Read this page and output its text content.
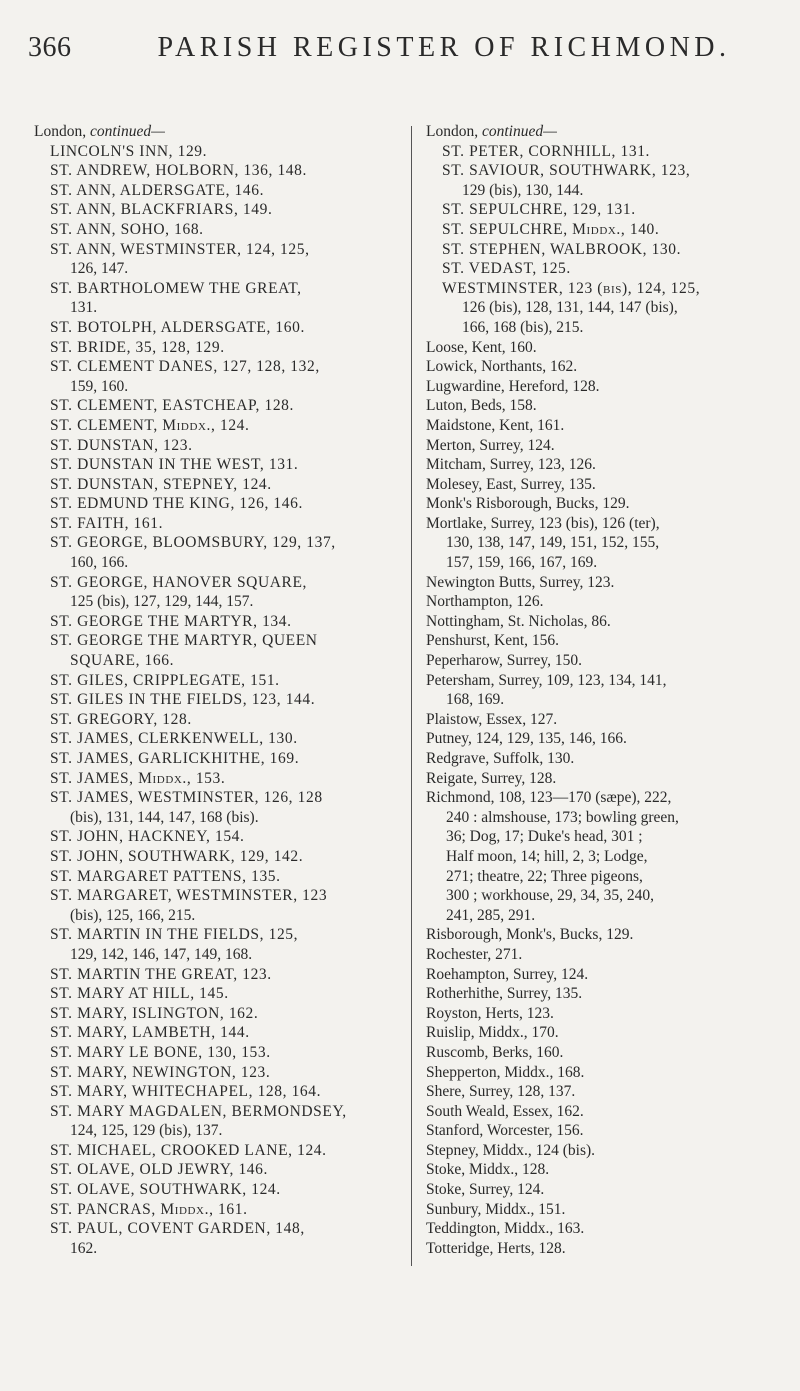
366	PARISH REGISTER OF RICHMOND.
London, continued—
LINCOLN'S INN, 129.
ST. ANDREW, HOLBORN, 136, 148.
ST. ANN, ALDERSGATE, 146.
ST. ANN, BLACKFRIARS, 149.
ST. ANN, SOHO, 168.
ST. ANN, WESTMINSTER, 124, 125,
126, 147.
ST. BARTHOLOMEW THE GREAT,
131.
ST. BOTOLPH, ALDERSGATE, 160.
ST. BRIDE, 35, 128, 129.
ST. CLEMENT DANES, 127, 128, 132,
159, 160.
ST. CLEMENT, EASTCHEAP, 128.
ST. CLEMENT, Middx., 124.
ST. DUNSTAN, 123.
ST. DUNSTAN IN THE WEST, 131.
ST. DUNSTAN, STEPNEY, 124.
ST. EDMUND THE KING, 126, 146.
ST. FAITH, 161.
ST. GEORGE, BLOOMSBURY, 129, 137,
160, 166.
ST. GEORGE, HANOVER SQUARE,
125 (bis), 127, 129, 144, 157.
ST. GEORGE THE MARTYR, 134.
ST. GEORGE THE MARTYR, QUEEN
SQUARE, 166.
ST. GILES, CRIPPLEGATE, 151.
ST. GILES IN THE FIELDS, 123, 144.
ST. GREGORY, 128.
ST. JAMES, CLERKENWELL, 130.
ST. JAMES, GARLICKHITHE, 169.
ST. JAMES, Middx., 153.
ST. JAMES, WESTMINSTER, 126, 128
(bis), 131, 144, 147, 168 (bis).
ST. JOHN, HACKNEY, 154.
ST. JOHN, SOUTHWARK, 129, 142.
ST. MARGARET PATTENS, 135.
ST. MARGARET, WESTMINSTER, 123
(bis), 125, 166, 215.
ST. MARTIN IN THE FIELDS, 125,
129, 142, 146, 147, 149, 168.
ST. MARTIN THE GREAT, 123.
ST. MARY AT HILL, 145.
ST. MARY, ISLINGTON, 162.
ST. MARY, LAMBETH, 144.
ST. MARY LE BONE, 130, 153.
ST. MARY, NEWINGTON, 123.
ST. MARY, WHITECHAPEL, 128, 164.
ST. MARY MAGDALEN, BERMONDSEY,
124, 125, 129 (bis), 137.
ST. MICHAEL, CROOKED LANE, 124.
ST. OLAVE, OLD JEWRY, 146.
ST. OLAVE, SOUTHWARK, 124.
ST. PANCRAS, Middx., 161.
ST. PAUL, COVENT GARDEN, 148,
162.
London, continued—
ST. PETER, CORNHILL, 131.
ST. SAVIOUR, SOUTHWARK, 123,
129 (bis), 130, 144.
ST. SEPULCHRE, 129, 131.
ST. SEPULCHRE, Middx., 140.
ST. STEPHEN, WALBROOK, 130.
ST. VEDAST, 125.
WESTMINSTER, 123 (bis), 124, 125,
126 (bis), 128, 131, 144, 147 (bis),
166, 168 (bis), 215.
Loose, Kent, 160.
Lowick, Northants, 162.
Lugwardine, Hereford, 128.
Luton, Beds, 158.
Maidstone, Kent, 161.
Merton, Surrey, 124.
Mitcham, Surrey, 123, 126.
Molesey, East, Surrey, 135.
Monk's Risborough, Bucks, 129.
Mortlake, Surrey, 123 (bis), 126 (ter),
130, 138, 147, 149, 151, 152, 155,
157, 159, 166, 167, 169.
Newington Butts, Surrey, 123.
Northampton, 126.
Nottingham, St. Nicholas, 86.
Penshurst, Kent, 156.
Peperharow, Surrey, 150.
Petersham, Surrey, 109, 123, 134, 141,
168, 169.
Plaistow, Essex, 127.
Putney, 124, 129, 135, 146, 166.
Redgrave, Suffolk, 130.
Reigate, Surrey, 128.
Richmond, 108, 123—170 (sæpe), 222,
240 : almshouse, 173; bowling green,
36; Dog, 17; Duke's head, 301 ;
Half moon, 14; hill, 2, 3; Lodge,
271; theatre, 22; Three pigeons,
300 ; workhouse, 29, 34, 35, 240,
241, 285, 291.
Risborough, Monk's, Bucks, 129.
Rochester, 271.
Roehampton, Surrey, 124.
Rotherhithe, Surrey, 135.
Royston, Herts, 123.
Ruislip, Middx., 170.
Ruscomb, Berks, 160.
Shepperton, Middx., 168.
Shere, Surrey, 128, 137.
South Weald, Essex, 162.
Stanford, Worcester, 156.
Stepney, Middx., 124 (bis).
Stoke, Middx., 128.
Stoke, Surrey, 124.
Sunbury, Middx., 151.
Teddington, Middx., 163.
Totteridge, Herts, 128.
